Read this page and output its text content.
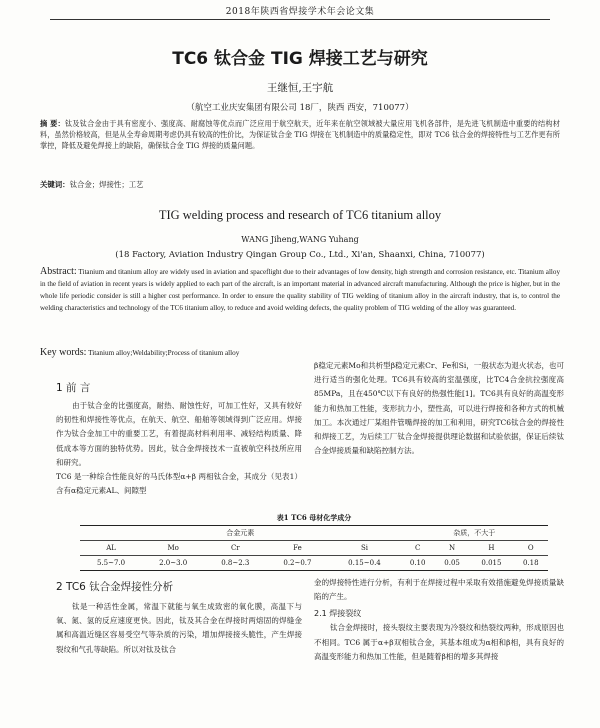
2018年陕西省焊接学术年会论文集
TC6 钛合金 TIG 焊接工艺与研究
王继恒,王宇航
（航空工业庆安集团有限公司 18厂，陕西 西安，710077）
摘 要：钛及钛合金由于具有密度小、强度高、耐腐蚀等优点而广泛应用于航空航天，近年来在航空领域被大量应用飞机各部件，是先进飞机制造中重要的结构材料，虽然价格较高，但是从全寿命周期考虑仍具有较高的性价比，为保证钛合金 TIG 焊接在飞机制造中的质量稳定性，即对 TC6 钛合金的焊接特性与工艺作更有所掌控，降低及避免焊接上的缺陷，确保钛合金 TIG 焊接的质量问题。
关键词：钛合金；焊接性；工艺
TIG welding process and research of TC6 titanium alloy
WANG Jiheng,WANG Yuhang
(18 Factory, Aviation Industry Qingan Group Co., Ltd., Xi'an, Shaanxi, China, 710077)
Abstract: Titanium and titanium alloy are widely used in aviation and spaceflight due to their advantages of low density, high strength and corrosion resistance, etc. Titanium alloy in the field of aviation in recent years is widely applied to each part of the aircraft, is an important material in advanced aircraft manufacturing. Although the price is higher, but in the whole life periodic consider is still a higher cost performance. In order to ensure the quality stability of TIG welding of titanium alloy in the aircraft industry, that is, to control the welding characteristics and technology of the TC6 titanium alloy, to reduce and avoid welding defects, the quality problem of TIG welding of the alloy was guaranteed.
Key words: Titanium alloy;Weldability;Process of titanium alloy
1 前 言

由于钛合金的比强度高，耐热、耐蚀性好，可加工性好，又具有较好的韧性和焊接性等优点，在航天、航空、船舶等领域得到广泛应用。焊接作为钛合金加工中的重要工艺，有着提高材料利用率、减轻结构质量、降低成本等方面的独特优势。因此，钛合金焊接技术一直被航空科技所应用和研究。

TC6 是一种综合性能良好的马氏体型α+β 两相钛合金，其成分（见表1）含有α稳定元素AL、间隙型

β稳定元素Mo和共析型β稳定元素Cr、Fe和Si，一般状态为退火状态，也可进行适当的强化处理。TC6具有较高的室温强度，比TC4合金抗拉强度高85MPa，且在450℃以下有良好的热强性能[1]。TC6具有良好的高温变形能力和热加工性能，变形抗力小，塑性高，可以进行焊接和各种方式的机械加工。本次通过厂某组件管嘴焊接的加工和利用，研究TC6钛合金的焊接性和焊接工艺，为后续工厂钛合金焊接提供理论数据和试验依据，保证后续钛合金焊接质量和缺陷控制方法。

表1 TC6 母材化学成分
合金元素					杂质，不大于			
AL	Mo	Cr	Fe	Si	C	N	H	O
5.5~7.0	2.0~3.0	0.8~2.3	0.2~0.7	0.15~0.4	0.10	0.05	0.015	0.18
2 TC6 钛合金焊接性分析

钛是一种活性金属，常温下就能与氧生成致密的氧化膜，高温下与氧、氮、氢的反应速度更快。因此，钛及其合金在焊接时两熔固的焊缝金属和高温近缝区容易受空气等杂质的污染，增加焊接接头脆性，产生焊接裂纹和气孔等缺陷。所以对钛及钛合

金的焊接特性进行分析，有利于在焊接过程中采取有效措施避免焊接质量缺陷的产生。

2.1 焊接裂纹

钛合金焊接时，接头裂纹主要表现为冷裂纹和热裂纹两种，形成原因也不相同。TC6 属于α+β双相钛合金，其基本组成为α相和β相，具有良好的高温变形能力和热加工性能，但是随着β相的增多其焊接
